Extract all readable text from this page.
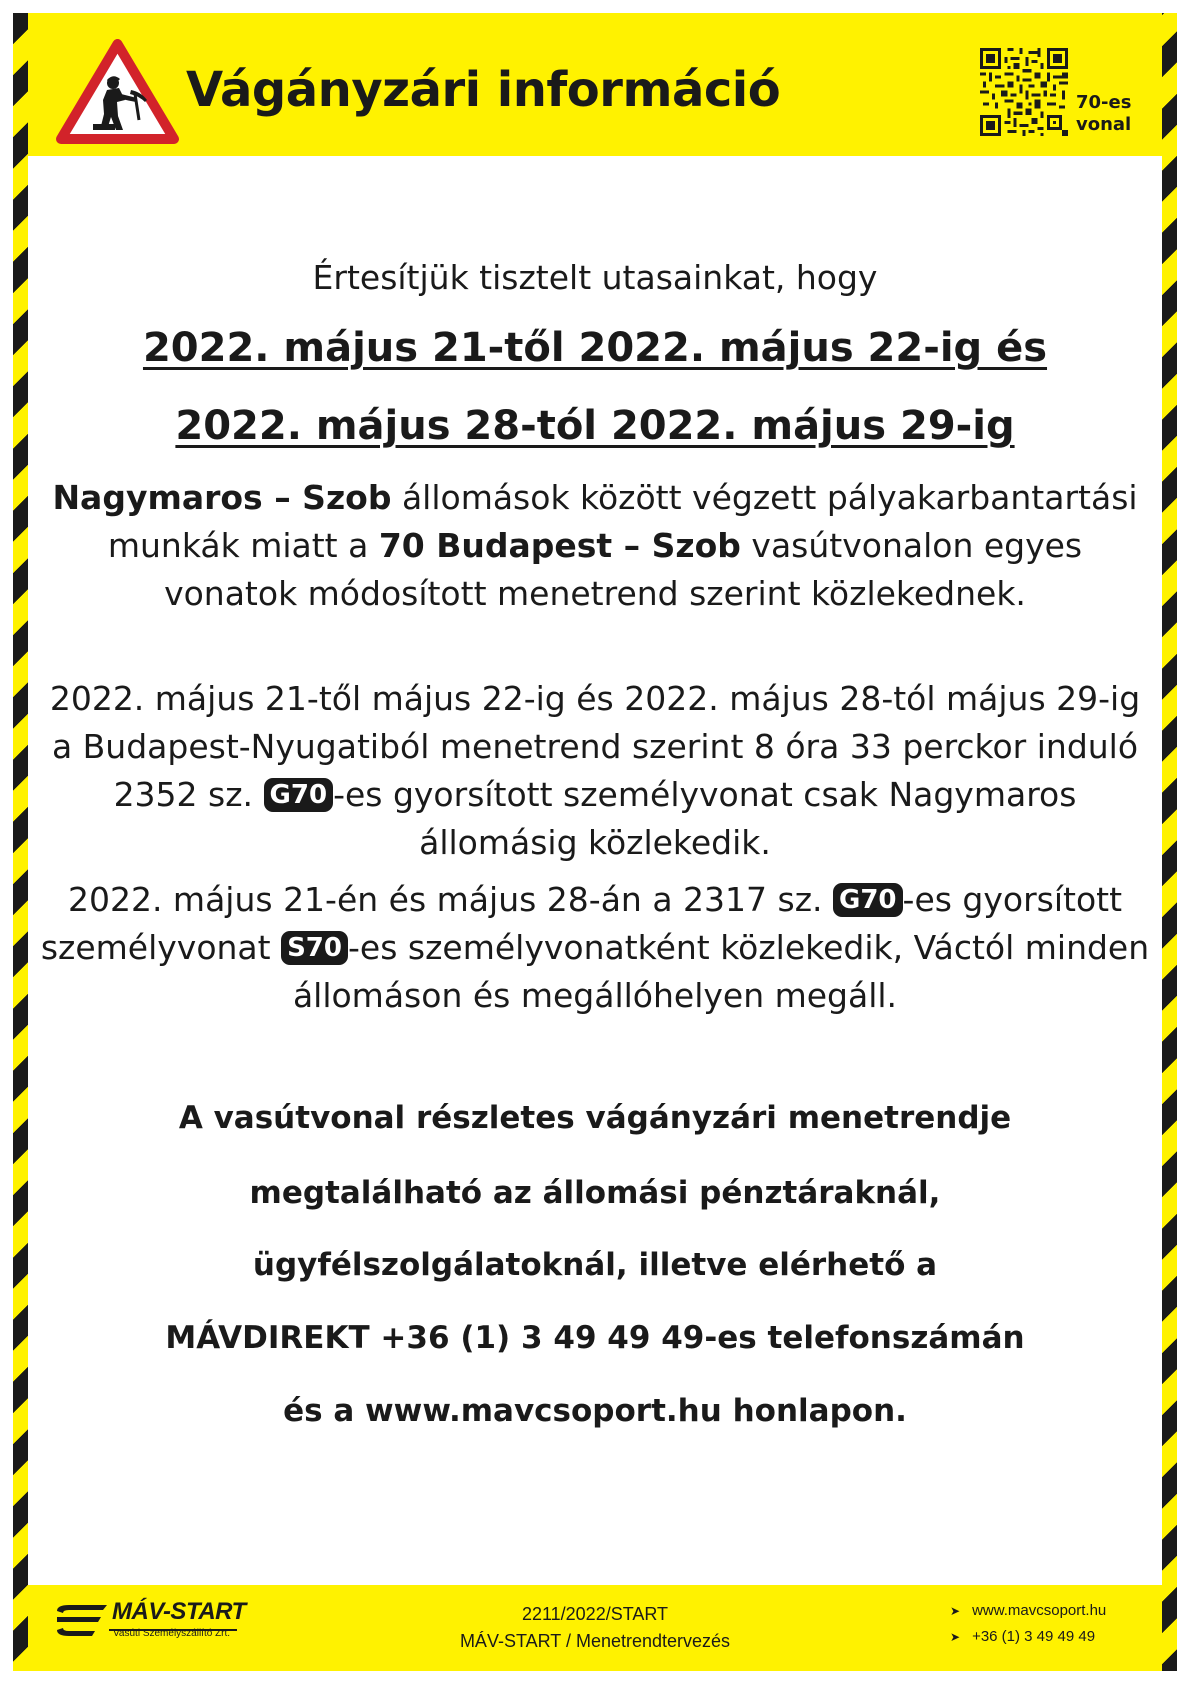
Vágányzári információ	70-es
vonal
Értesítjük tisztelt utasainkat, hogy
2022. május 21-től 2022. május 22-ig és
2022. május 28-tól 2022. május 29-ig
Nagymaros – Szob állomások között végzett pályakarbantartási munkák miatt a 70 Budapest – Szob vasútvonalon egyes vonatok módosított menetrend szerint közlekednek.
2022. május 21-től május 22-ig és 2022. május 28-tól május 29-ig a Budapest-Nyugatiból menetrend szerint 8 óra 33 perckor induló 2352 sz. G70 -es gyorsított személyvonat csak Nagymaros állomásig közlekedik.
2022. május 21-én és május 28-án a 2317 sz. G70 -es gyorsított személyvonat S70 -es személyvonatként közlekedik, Váctól minden állomáson és megállóhelyen megáll.
A vasútvonal részletes vágányzári menetrendje
megtalálható az állomási pénztáraknál,
ügyfélszolgálatoknál, illetve elérhető a
MÁVDIREKT +36 (1) 3 49 49 49-es telefonszámán
és a www.mavcsoport.hu honlapon.
MÁV-START
Vasúti Személyszállító Zrt.
2211/2022/START
MÁV-START / Menetrendtervezés
➤ www.mavcsoport.hu
➤ +36 (1) 3 49 49 49
